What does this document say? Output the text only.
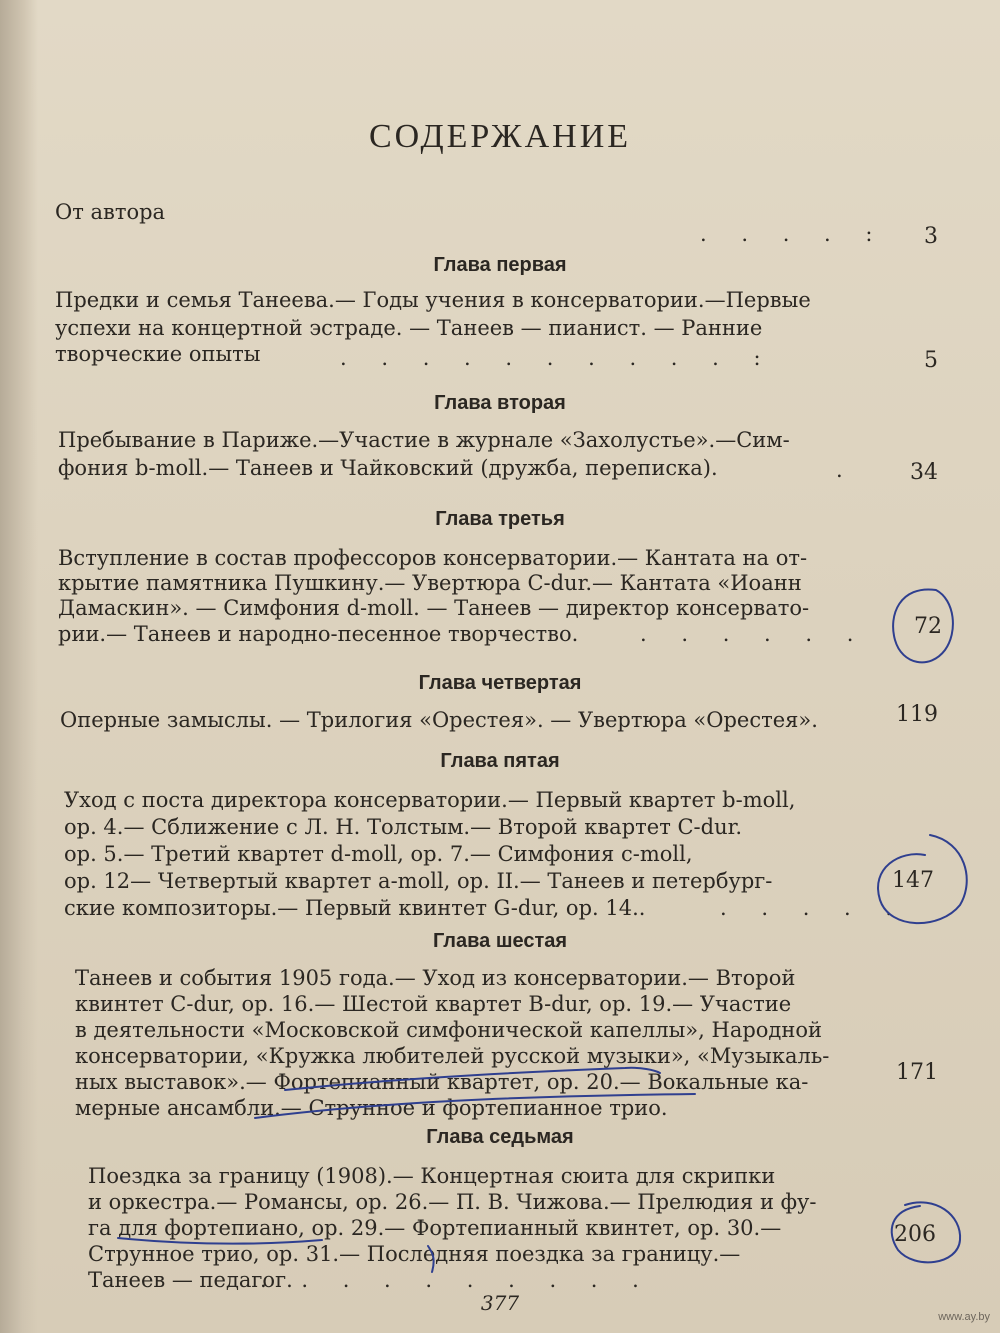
СОДЕРЖАНИЕ
От автора
. . . . : 3
Глава первая
Предки и семья Танеева.— Годы учения в консерватории.—Первые
успехи на концертной эстраде. — Танеев — пианист. — Ранние
творческие опыты	. . . . . . . . . . :	5
Глава вторая
Пребывание в Париже.—Участие в журнале «Захолустье».—Сим-
фония b-moll.— Танеев и Чайковский (дружба, переписка).	. 34
Глава третья
Вступление в состав профессоров консерватории.— Кантата на от-
крытие памятника Пушкину.— Увертюра C-dur.— Кантата «Иоанн
Дамаскин». — Симфония d-moll. — Танеев — директор консервато-
рии.— Танеев и народно-песенное творчество.	. . . . . . 72
Глава четвертая
Оперные замыслы. — Трилогия «Орестея». — Увертюра «Орестея».	119
Глава пятая
Уход с поста директора консерватории.— Первый квартет b-moll,
ор. 4.— Сближение с Л. Н. Толстым.— Второй квартет C-dur.
ор. 5.— Третий квартет d-moll, ор. 7.— Симфония c-moll,
ор. 12— Четвертый квартет a-moll, ор. II.— Танеев и петербург-
ские композиторы.— Первый квинтет G-dur, ор. 14..	. . . . .
147
Глава шестая
Танеев и события 1905 года.— Уход из консерватории.— Второй
квинтет C-dur, ор. 16.— Шестой квартет B-dur, ор. 19.— Участие
в деятельности «Московской симфонической капеллы», Народной
консерватории, «Кружка любителей русской музыки», «Музыкаль-
ных выставок».— Фортепианный квартет, ор. 20.— Вокальные ка-
мерные ансамбли.— Струнное и фортепианное трио.
171
Глава седьмая
Поездка за границу (1908).— Концертная сюита для скрипки
и оркестра.— Романсы, ор. 26.— П. В. Чижова.— Прелюдия и фу-
га для фортепиано, ор. 29.— Фортепианный квинтет, ор. 30.—
Струнное трио, ор. 31.— Последняя поездка за границу.—
Танеев — педагог.
. . . . . . . . . .
206
377
www.ay.by
